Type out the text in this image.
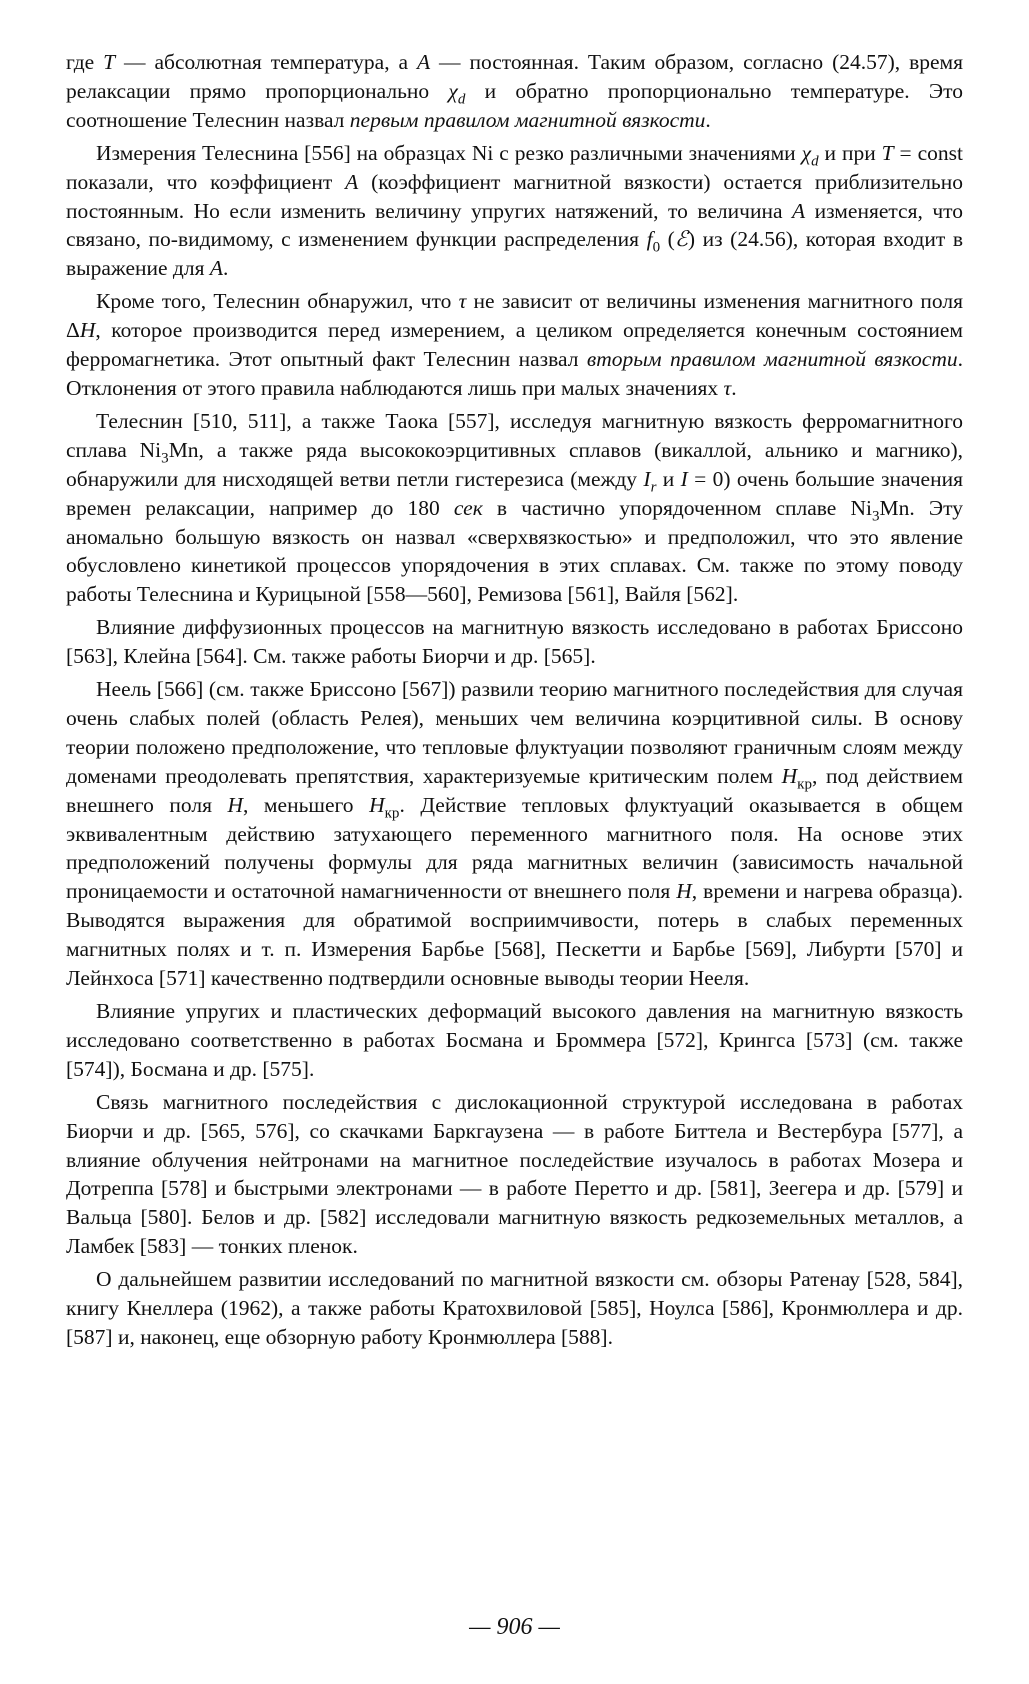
где T — абсолютная температура, а A — постоянная. Таким образом, согласно (24.57), время релаксации прямо пропорционально $\chi_d$ и обратно пропорционально температуре. Это соотношение Телеснин назвал первым правилом магнитной вязкости.

Измерения Телеснина [556] на образцах Ni с резко различными значениями $\chi_d$ и при T = const показали, что коэффициент A (коэффициент магнитной вязкости) остается приблизительно постоянным. Но если изменить величину упругих натяжений, то величина A изменяется, что связано, по-видимому, с изменением функции распределения $f_0$ (ℰ) из (24.56), которая входит в выражение для A.

Кроме того, Телеснин обнаружил, что τ не зависит от величины изменения магнитного поля ΔH, которое производится перед измерением, а целиком определяется конечным состоянием ферромагнетика. Этот опытный факт Телеснин назвал вторым правилом магнитной вязкости. Отклонения от этого правила наблюдаются лишь при малых значениях τ.

Телеснин [510, 511], а также Таока [557], исследуя магнитную вязкость ферромагнитного сплава $Ni_3Mn$, а также ряда высококоэрцитивных сплавов (викаллой, альнико и магнико), обнаружили для нисходящей ветви петли гистерезиса (между $I_r$ и I = 0) очень большие значения времен релаксации, например до 180 сек в частично упорядоченном сплаве $Ni_3Mn$. Эту аномально большую вязкость он назвал «сверхвязкостью» и предположил, что это явление обусловлено кинетикой процессов упорядочения в этих сплавах. См. также по этому поводу работы Телеснина и Курицыной [558—560], Ремизова [561], Вайля [562].

Влияние диффузионных процессов на магнитную вязкость исследовано в работах Бриссоно [563], Клейна [564]. См. также работы Биорчи и др. [565].

Неель [566] (см. также Бриссоно [567]) развили теорию магнитного последействия для случая очень слабых полей (область Релея), меньших чем величина коэрцитивной силы. В основу теории положено предположение, что тепловые флуктуации позволяют граничным слоям между доменами преодолевать препятствия, характеризуемые критическим полем $H_{кр}$, под действием внешнего поля H, меньшего $H_{кр}$. Действие тепловых флуктуаций оказывается в общем эквивалентным действию затухающего переменного магнитного поля. На основе этих предположений получены формулы для ряда магнитных величин (зависимость начальной проницаемости и остаточной намагниченности от внешнего поля H, времени и нагрева образца). Выводятся выражения для обратимой восприимчивости, потерь в слабых переменных магнитных полях и т. п. Измерения Барбье [568], Пескетти и Барбье [569], Либурти [570] и Лейнхоса [571] качественно подтвердили основные выводы теории Нееля.

Влияние упругих и пластических деформаций высокого давления на магнитную вязкость исследовано соответственно в работах Босмана и Броммера [572], Крингса [573] (см. также [574]), Босмана и др. [575].

Связь магнитного последействия с дислокационной структурой исследована в работах Биорчи и др. [565, 576], со скачками Баркгаузена — в работе Биттела и Вестербура [577], а влияние облучения нейтронами на магнитное последействие изучалось в работах Мозера и Дотреппа [578] и быстрыми электронами — в работе Перетто и др. [581], Зеегера и др. [579] и Вальца [580]. Белов и др. [582] исследовали магнитную вязкость редкоземельных металлов, а Ламбек [583] — тонких пленок.

О дальнейшем развитии исследований по магнитной вязкости см. обзоры Ратенау [528, 584], книгу Кнеллера (1962), а также работы Кратохвиловой [585], Ноулса [586], Кронмюллера и др. [587] и, наконец, еще обзорную работу Кронмюллера [588].

— 906 —
